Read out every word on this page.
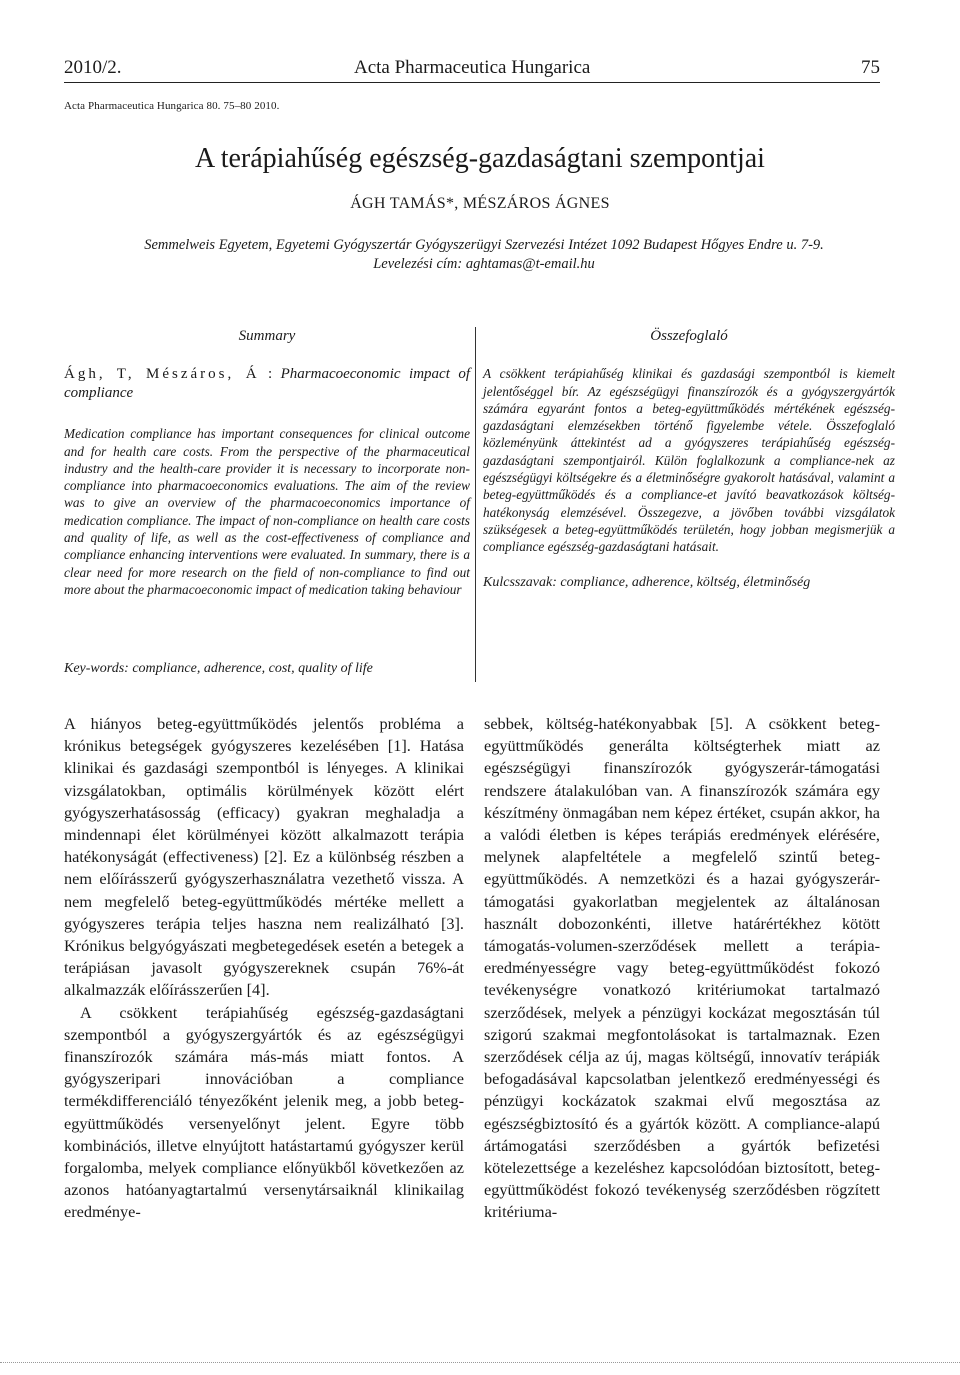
2010/2.	Acta Pharmaceutica Hungarica	75
Acta Pharmaceutica Hungarica 80. 75–80 2010.
A terápiahűség egészség-gazdaságtani szempontjai
ÁGH TAMÁS*, MÉSZÁROS ÁGNES
Semmelweis Egyetem, Egyetemi Gyógyszertár Gyógyszerügyi Szervezési Intézet 1092 Budapest Hőgyes Endre u. 7-9.
Levelezési cím: aghtamas@t-email.hu
Summary

Ágh, T, Mészáros, Á : Pharmacoeconomic impact of compliance

Medication compliance has important consequences for clinical outcome and for health care costs. From the perspective of the pharmaceutical industry and the health-care provider it is necessary to incorporate non-compliance into pharmacoeconomics evaluations. The aim of the review was to give an overview of the pharmacoeconomics importance of medication compliance. The impact of non-compliance on health care costs and quality of life, as well as the cost-effectiveness of compliance and compliance enhancing interventions were evaluated. In summary, there is a clear need for more research on the field of non-compliance to find out more about the pharmacoeconomic impact of medication taking behaviour

Összefoglaló

A csökkent terápiahűség klinikai és gazdasági szempontból is kiemelt jelentőséggel bír. Az egészségügyi finanszírozók és a gyógyszergyártók számára egyaránt fontos a beteg-együttműködés mértékének egészség-gazdaságtani elemzésekben történő figyelembe vétele. Összefoglaló közleményünk áttekintést ad a gyógyszeres terápiahűség egészség-gazdaságtani szempontjairól. Külön foglalkozunk a compliance-nek az egészségügyi költségekre és a életminőségre gyakorolt hatásával, valamint a beteg-együttműködés és a compliance-et javító beavatkozások költség-hatékonyság elemzésével. Összegezve, a jövőben további vizsgálatok szükségesek a beteg-együttműködés területén, hogy jobban megismerjük a compliance egészség-gazdaságtani hatásait.

Kulcsszavak: compliance, adherence, költség, életminőség

Key-words: compliance, adherence, cost, quality of life

A hiányos beteg-együttműködés jelentős probléma a krónikus betegségek gyógyszeres kezelésében [1]. Hatása klinikai és gazdasági szempontból is lényeges. A klinikai vizsgálatokban, optimális körülmények között elért gyógyszerhatásosság (efficacy) gyakran meghaladja a mindennapi élet körülményei között alkalmazott terápia hatékonyságát (effectiveness) [2]. Ez a különbség részben a nem előírásszerű gyógyszerhasználatra vezethető vissza. A nem megfelelő beteg-együttműködés mértéke mellett a gyógyszeres terápia teljes haszna nem realizálható [3]. Krónikus belgyógyászati megbetegedések esetén a betegek a terápiásan javasolt gyógyszereknek csupán 76%-át alkalmazzák előírásszerűen [4].

A csökkent terápiahűség egészség-gazdaságtani szempontból a gyógyszergyártók és az egészségügyi finanszírozók számára más-más miatt fontos. A gyógyszeripari innovációban a compliance termékdifferenciáló tényezőként jelenik meg, a jobb beteg-együttműködés versenyelőnyt jelent. Egyre több kombinációs, illetve elnyújtott hatástartamú gyógyszer kerül forgalomba, melyek compliance előnyükből következően az azonos hatóanyagtartalmú versenytársaiknál klinikailag eredménye-

sebbek, költség-hatékonyabbak [5]. A csökkent beteg-együttműködés generálta költségterhek miatt az egészségügyi finanszírozók gyógyszerár-támogatási rendszere átalakulóban van. A finanszírozók számára egy készítmény önmagában nem képez értéket, csupán akkor, ha a valódi életben is képes terápiás eredmények elérésére, melynek alapfeltétele a megfelelő szintű beteg-együttműködés. A nemzetközi és a hazai gyógyszerár-támogatási gyakorlatban megjelentek az általánosan használt dobozonkénti, illetve határértékhez kötött támogatás-volumen-szerződések mellett a terápia-eredményességre vagy beteg-együttműködést fokozó tevékenységre vonatkozó kritériumokat tartalmazó szerződések, melyek a pénzügyi kockázat megosztásán túl szigorú szakmai megfontolásokat is tartalmaznak. Ezen szerződések célja az új, magas költségű, innovatív terápiák befogadásával kapcsolatban jelentkező eredményességi és pénzügyi kockázatok szakmai elvű megosztása az egészségbiztosító és a gyártók között. A compliance-alapú ártámogatási szerződésben a gyártók befizetési kötelezettsége a kezeléshez kapcsolódóan biztosított, beteg-együttműködést fokozó tevékenység szerződésben rögzített kritériuma-
